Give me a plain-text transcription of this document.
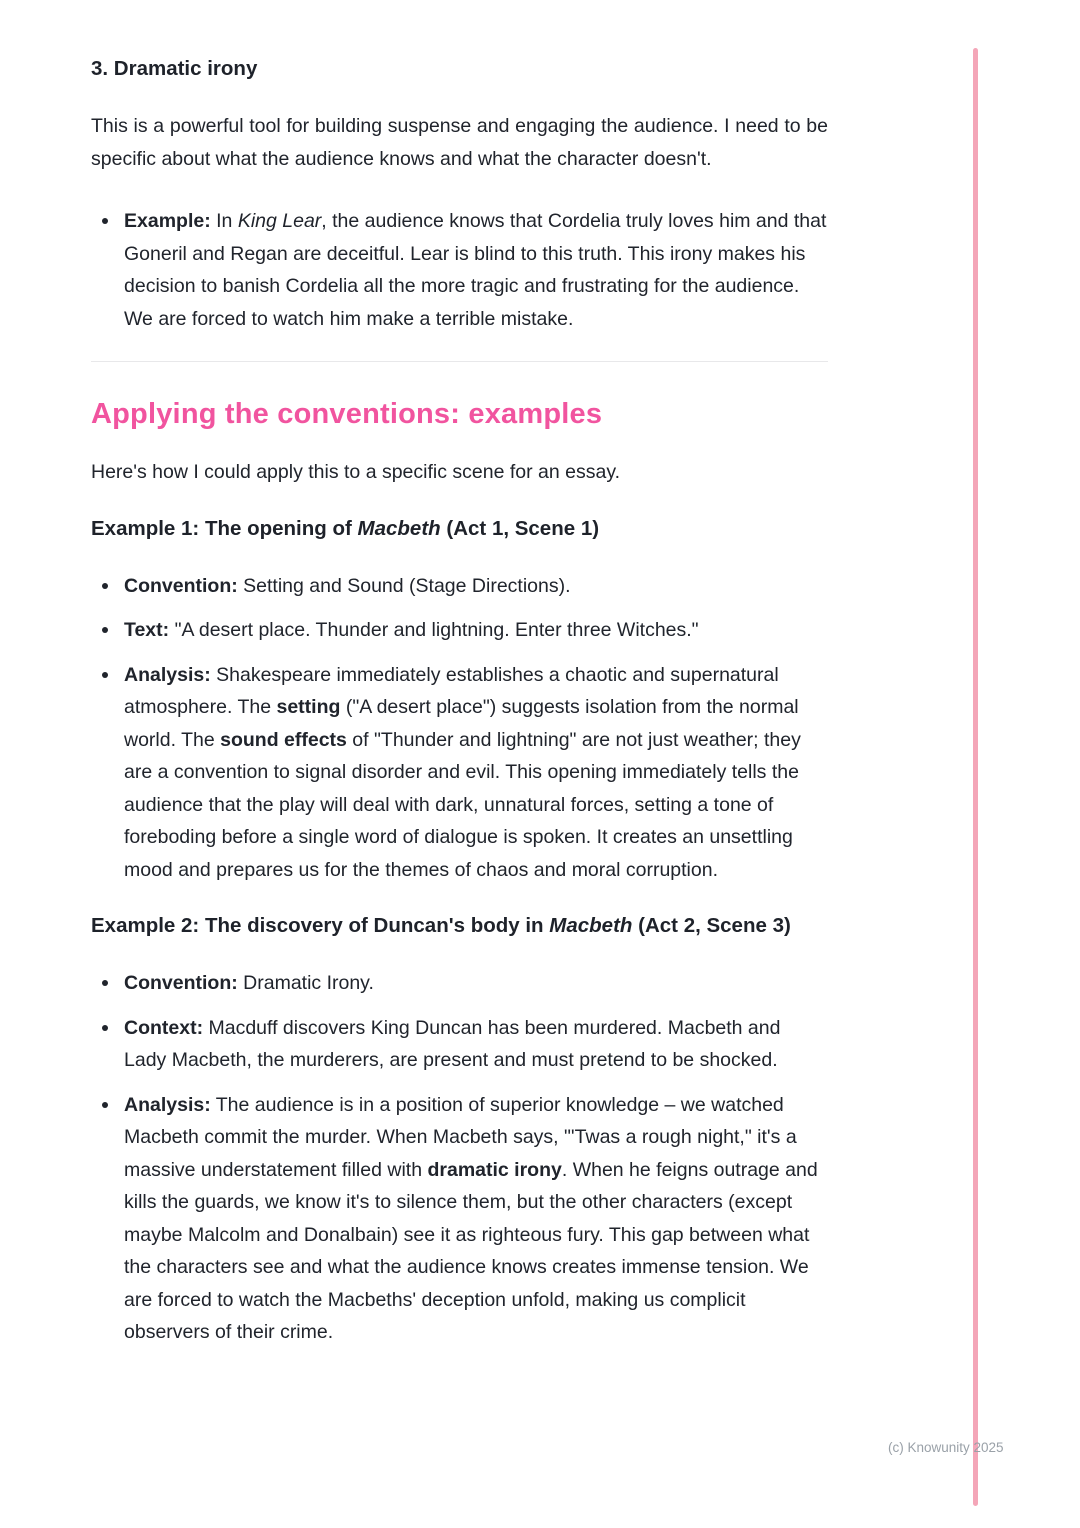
(c) Knowunity 2025
3. Dramatic irony

This is a powerful tool for building suspense and engaging the audience. I need to be specific about what the audience knows and what the character doesn't.

Example: In King Lear, the audience knows that Cordelia truly loves him and that Goneril and Regan are deceitful. Lear is blind to this truth. This irony makes his decision to banish Cordelia all the more tragic and frustrating for the audience. We are forced to watch him make a terrible mistake.
Applying the conventions: examples

Here's how I could apply this to a specific scene for an essay.

Example 1: The opening of Macbeth (Act 1, Scene 1)
Convention: Setting and Sound (Stage Directions).
Text: "A desert place. Thunder and lightning. Enter three Witches."
Analysis: Shakespeare immediately establishes a chaotic and supernatural atmosphere. The setting ("A desert place") suggests isolation from the normal world. The sound effects of "Thunder and lightning" are not just weather; they are a convention to signal disorder and evil. This opening immediately tells the audience that the play will deal with dark, unnatural forces, setting a tone of foreboding before a single word of dialogue is spoken. It creates an unsettling mood and prepares us for the themes of chaos and moral corruption.
Example 2: The discovery of Duncan's body in Macbeth (Act 2, Scene 3)
Convention: Dramatic Irony.
Context: Macduff discovers King Duncan has been murdered. Macbeth and Lady Macbeth, the murderers, are present and must pretend to be shocked.
Analysis: The audience is in a position of superior knowledge – we watched Macbeth commit the murder. When Macbeth says, "'Twas a rough night," it's a massive understatement filled with dramatic irony. When he feigns outrage and kills the guards, we know it's to silence them, but the other characters (except maybe Malcolm and Donalbain) see it as righteous fury. This gap between what the characters see and what the audience knows creates immense tension. We are forced to watch the Macbeths' deception unfold, making us complicit observers of their crime.
